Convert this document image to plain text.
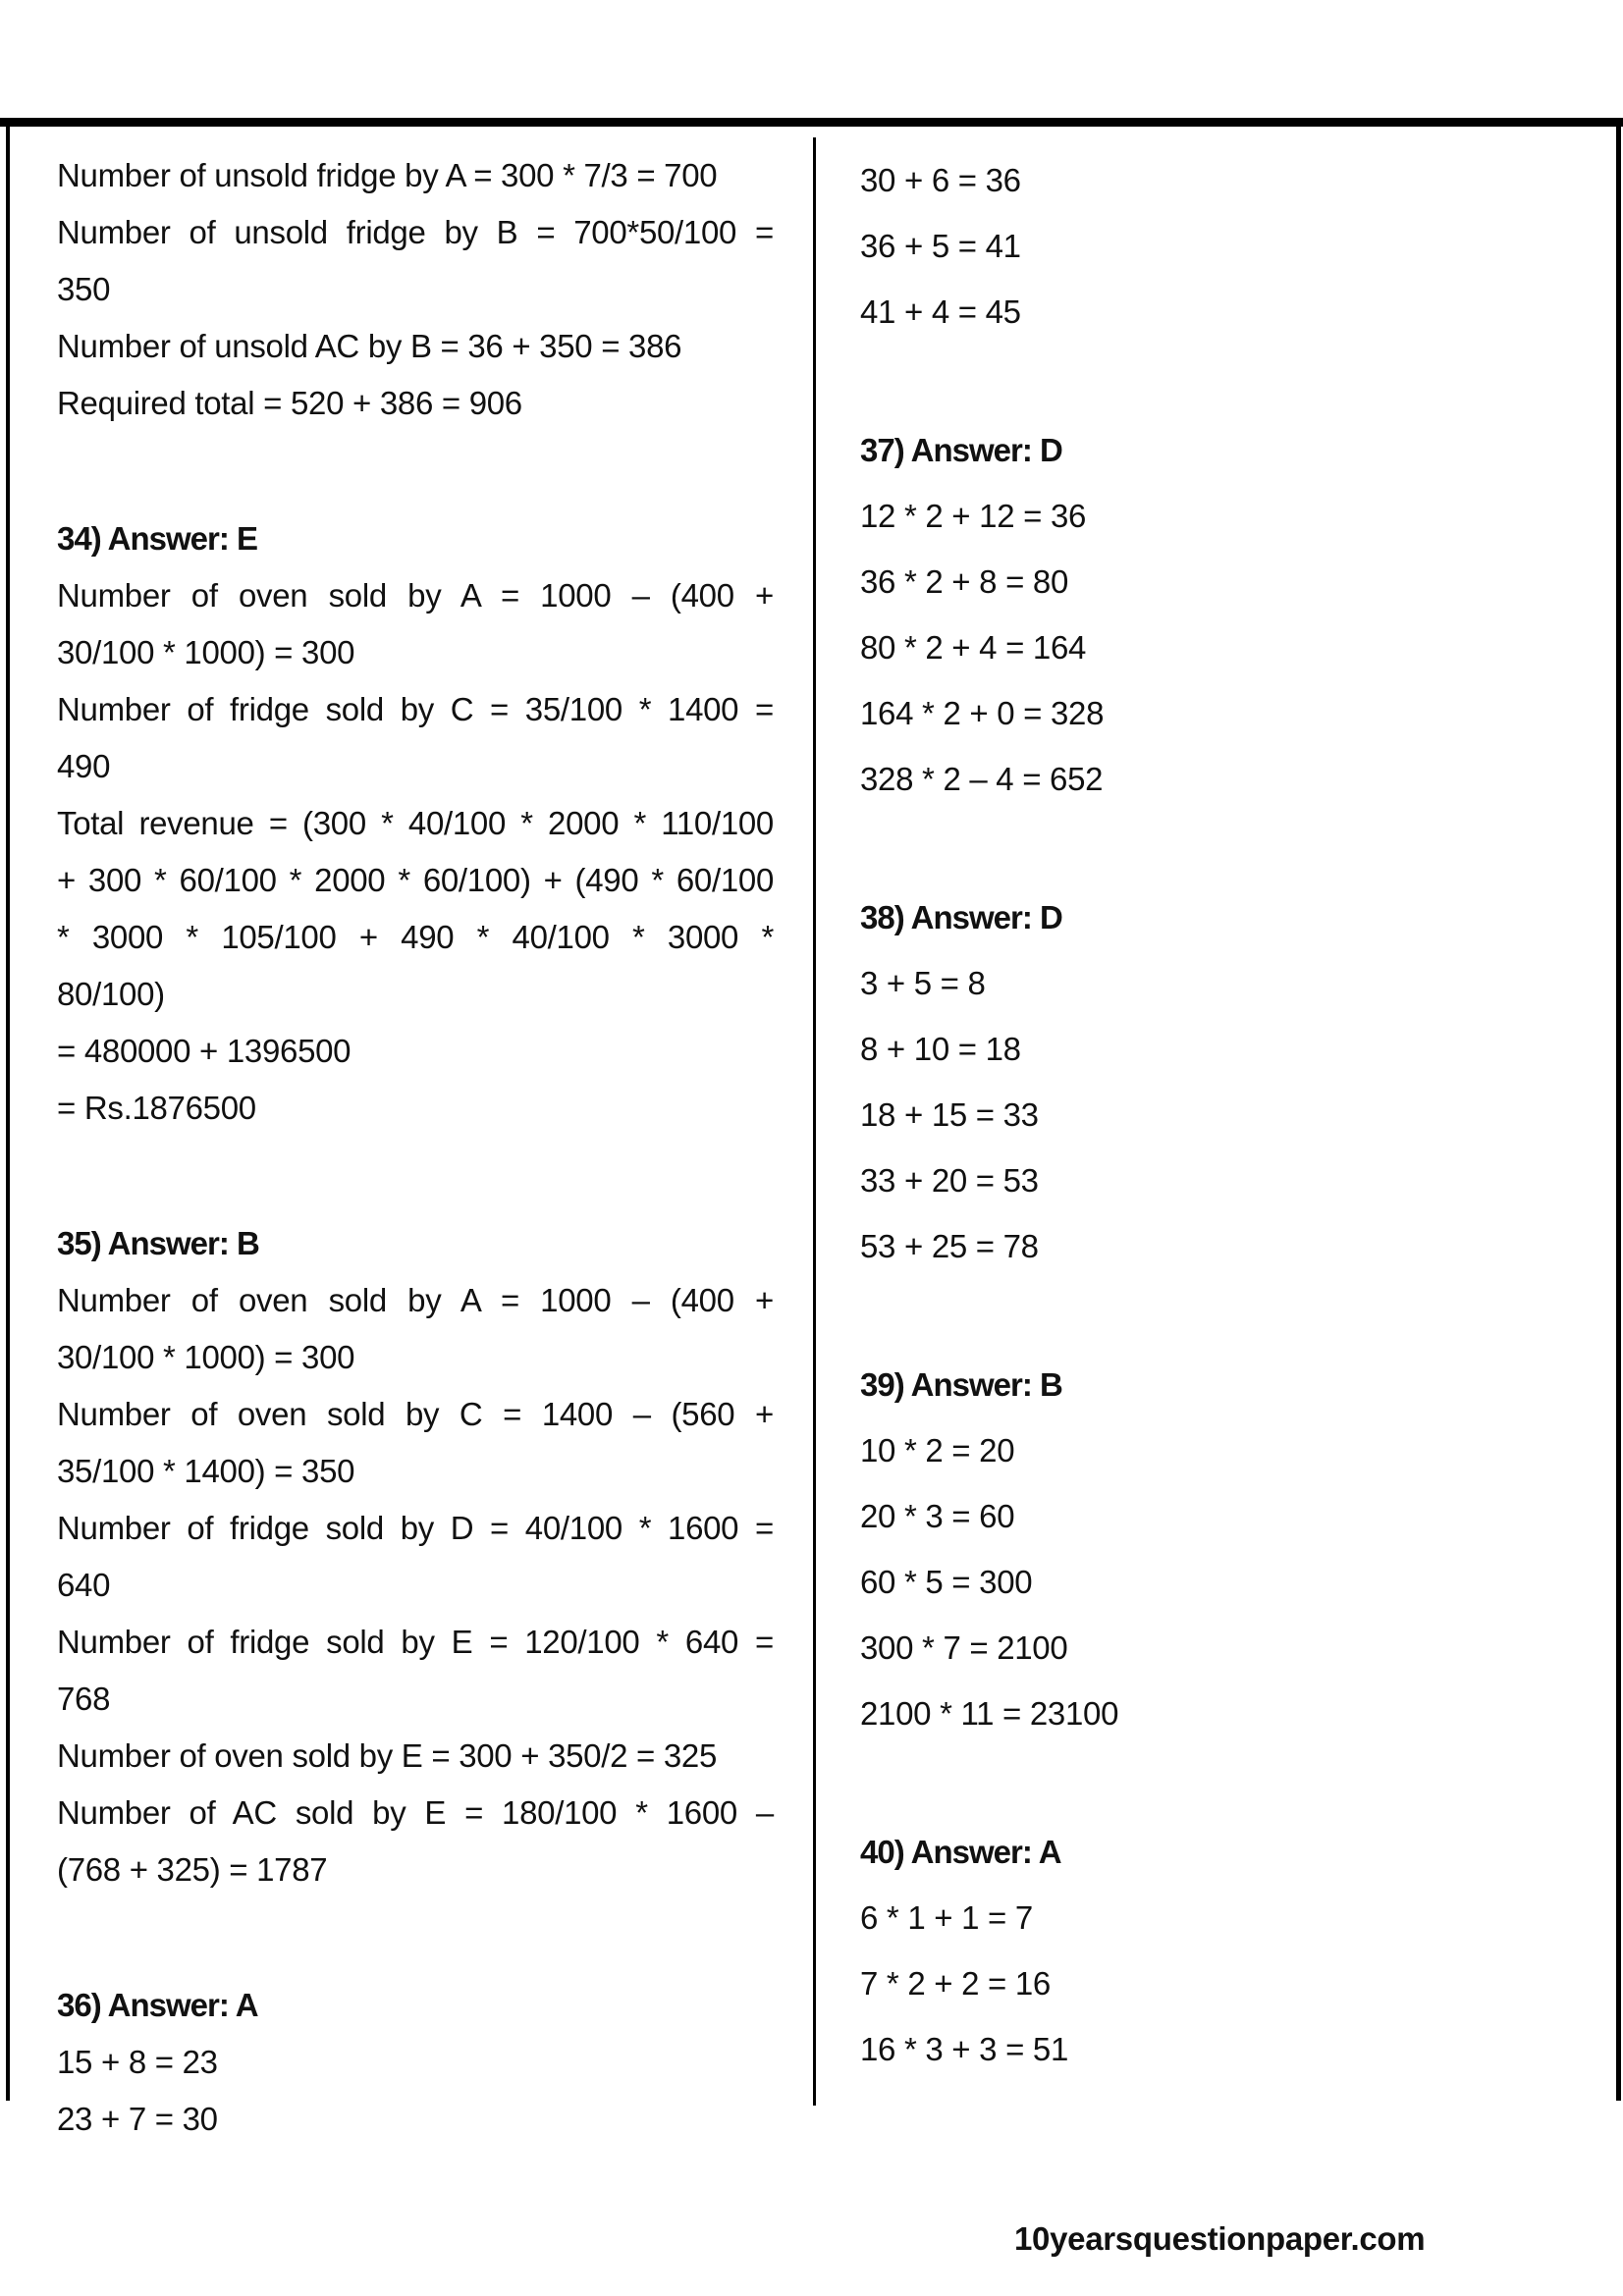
Number of unsold fridge by A = 300 * 7/3 = 700
Number of unsold fridge by B = 700*50/100 =
350
Number of unsold AC by B = 36 + 350 = 386
Required total = 520 + 386 = 906
34) Answer: E
Number of oven sold by A = 1000 – (400 +
30/100 * 1000) = 300
Number of fridge sold by C = 35/100 * 1400 =
490
Total revenue = (300 * 40/100 * 2000 * 110/100
+ 300 * 60/100 * 2000 * 60/100) + (490 * 60/100
* 3000 * 105/100 + 490 * 40/100 * 3000 *
80/100)
= 480000 + 1396500
= Rs.1876500
35) Answer: B
Number of oven sold by A = 1000 – (400 +
30/100 * 1000) = 300
Number of oven sold by C = 1400 – (560 +
35/100 * 1400) = 350
Number of fridge sold by D = 40/100 * 1600 =
640
Number of fridge sold by E = 120/100 * 640 =
768
Number of oven sold by E = 300 + 350/2 = 325
Number of AC sold by E = 180/100 * 1600 –
(768 + 325) = 1787
36) Answer: A
15 + 8 = 23
23 + 7 = 30
30 + 6 = 36
36 + 5 = 41
41 + 4 = 45
37) Answer: D
12 * 2 + 12 = 36
36 * 2 + 8 = 80
80 * 2 + 4 = 164
164 * 2 + 0 = 328
328 * 2 – 4 = 652
38) Answer: D
3 + 5 = 8
8 + 10 = 18
18 + 15 = 33
33 + 20 = 53
53 + 25 = 78
39) Answer: B
10 * 2 = 20
20 * 3 = 60
60 * 5 = 300
300 * 7 = 2100
2100 * 11 = 23100
40) Answer: A
6 * 1 + 1 = 7
7 * 2 + 2 = 16
16 * 3 + 3 = 51
10yearsquestionpaper.com
